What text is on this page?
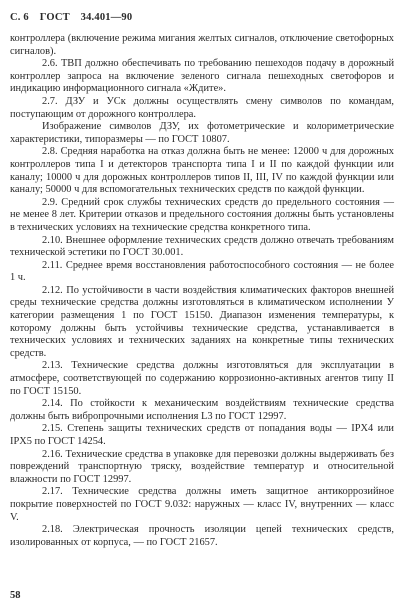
С. 6 ГОСТ 34.401—90

контроллера (включение режима мигания желтых сигналов, отключение светофорных сигналов).

2.6. ТВП должно обеспечивать по требованию пешеходов подачу в дорожный контроллер запроса на включение зеленого сигнала пешеходных светофоров и индикацию информационного сигнала «Ждите».

2.7. ДЗУ и УСк должны осуществлять смену символов по командам, поступающим от дорожного контроллера.

Изображение символов ДЗУ, их фотометрические и колориметрические характеристики, типоразмеры — по ГОСТ 10807.

2.8. Средняя наработка на отказ должна быть не менее: 12000 ч для дорожных контроллеров типа I и детекторов транспорта типа I и II по каждой функции или каналу; 10000 ч для дорожных контроллеров типов II, III, IV по каждой функции или каналу; 50000 ч для вспомогательных технических средств по каждой функции.

2.9. Средний срок службы технических средств до предельного состояния — не менее 8 лет. Критерии отказов и предельного состояния должны быть установлены в технических условиях на технические средства конкретного типа.

2.10. Внешнее оформление технических средств должно отвечать требованиям технической эстетики по ГОСТ 30.001.

2.11. Среднее время восстановления работоспособного состояния — не более 1 ч.

2.12. По устойчивости в части воздействия климатических факторов внешней среды технические средства должны изготовляться в климатическом исполнении У категории размещения 1 по ГОСТ 15150. Диапазон изменения температуры, к которому должны быть устойчивы технические средства, устанавливается в технических условиях и технических заданиях на конкретные типы технических средств.

2.13. Технические средства должны изготовляться для эксплуатации в атмосфере, соответствующей по содержанию коррозионно-активных агентов типу II по ГОСТ 15150.

2.14. По стойкости к механическим воздействиям технические средства должны быть вибропрочными исполнения L3 по ГОСТ 12997.

2.15. Степень защиты технических средств от попадания воды — IPX4 или IPX5 по ГОСТ 14254.

2.16. Технические средства в упаковке для перевозки должны выдерживать без повреждений транспортную тряску, воздействие температур и относительной влажности по ГОСТ 12997.

2.17. Технические средства должны иметь защитное антикоррозийное покрытие поверхностей по ГОСТ 9.032: наружных — класс IV, внутренних — класс V.

2.18. Электрическая прочность изоляции цепей технических средств, изолированных от корпуса, — по ГОСТ 21657.

58
